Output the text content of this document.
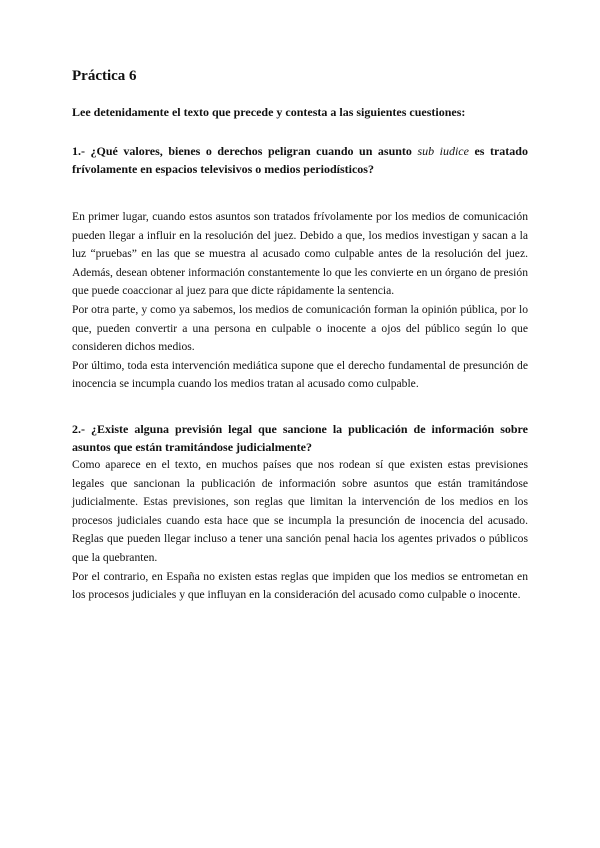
Práctica 6

Lee detenidamente el texto que precede y contesta a las siguientes cuestiones:

1.- ¿Qué valores, bienes o derechos peligran cuando un asunto sub iudice es tratado frívolamente en espacios televisivos o medios periodísticos?

En primer lugar, cuando estos asuntos son tratados frívolamente por los medios de comunicación pueden llegar a influir en la resolución del juez. Debido a que, los medios investigan y sacan a la luz “pruebas” en las que se muestra al acusado como culpable antes de la resolución del juez. Además, desean obtener información constantemente lo que les convierte en un órgano de presión que puede coaccionar al juez para que dicte rápidamente la sentencia.

Por otra parte, y como ya sabemos, los medios de comunicación forman la opinión pública, por lo que, pueden convertir a una persona en culpable o inocente a ojos del público según lo que consideren dichos medios.

Por último, toda esta intervención mediática supone que el derecho fundamental de presunción de inocencia se incumpla cuando los medios tratan al acusado como culpable.

2.- ¿Existe alguna previsión legal que sancione la publicación de información sobre asuntos que están tramitándose judicialmente?

Como aparece en el texto, en muchos países que nos rodean sí que existen estas previsiones legales que sancionan la publicación de información sobre asuntos que están tramitándose judicialmente. Estas previsiones, son reglas que limitan la intervención de los medios en los procesos judiciales cuando esta hace que se incumpla la presunción de inocencia del acusado. Reglas que pueden llegar incluso a tener una sanción penal hacia los agentes privados o públicos que la quebranten.

Por el contrario, en España no existen estas reglas que impiden que los medios se entrometan en los procesos judiciales y que influyan en la consideración del acusado como culpable o inocente.
